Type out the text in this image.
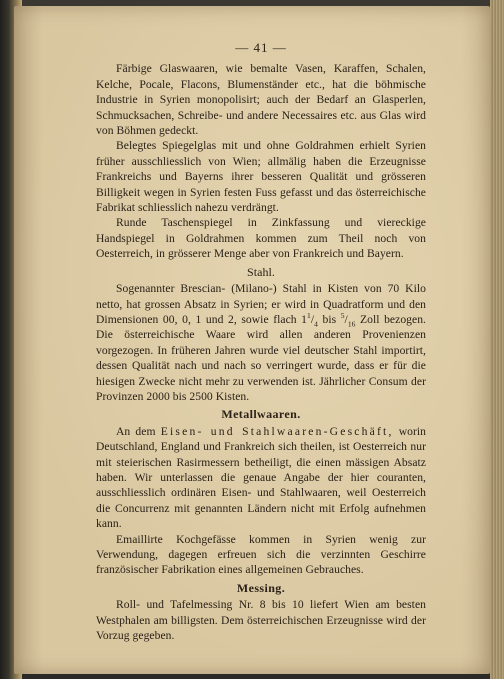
— 41 —

Färbige Glaswaaren, wie bemalte Vasen, Karaffen, Schalen, Kelche, Pocale, Flacons, Blumenständer etc., hat die böhmische Industrie in Syrien monopolisirt; auch der Bedarf an Glasperlen, Schmucksachen, Schreibe- und andere Necessaires etc. aus Glas wird von Böhmen gedeckt.

Belegtes Spiegelglas mit und ohne Goldrahmen erhielt Syrien früher ausschliesslich von Wien; allmälig haben die Erzeugnisse Frankreichs und Bayerns ihrer besseren Qualität und grösseren Billigkeit wegen in Syrien festen Fuss gefasst und das österreichische Fabrikat schliesslich nahezu verdrängt.

Runde Taschenspiegel in Zinkfassung und viereckige Handspiegel in Goldrahmen kommen zum Theil noch von Oesterreich, in grösserer Menge aber von Frankreich und Bayern.

Stahl.

Sogenannter Brescian- (Milano-) Stahl in Kisten von 70 Kilo netto, hat grossen Absatz in Syrien; er wird in Quadratform und den Dimensionen 00, 0, 1 und 2, sowie flach $1^1/_4$ bis $^5/_{16}$ Zoll bezogen. Die österreichische Waare wird allen anderen Provenienzen vorgezogen. In früheren Jahren wurde viel deutscher Stahl importirt, dessen Qualität nach und nach so verringert wurde, dass er für die hiesigen Zwecke nicht mehr zu verwenden ist. Jährlicher Consum der Provinzen 2000 bis 2500 Kisten.

Metallwaaren.

An dem Eisen- und Stahlwaaren-Geschäft, worin Deutschland, England und Frankreich sich theilen, ist Oesterreich nur mit steierischen Rasirmessern betheiligt, die einen mässigen Absatz haben. Wir unterlassen die genaue Angabe der hier couranten, ausschliesslich ordinären Eisen- und Stahlwaaren, weil Oesterreich die Concurrenz mit genannten Ländern nicht mit Erfolg aufnehmen kann.

Emaillirte Kochgefässe kommen in Syrien wenig zur Verwendung, dagegen erfreuen sich die verzinnten Geschirre französischer Fabrikation eines allgemeinen Gebrauches.

Messing.

Roll- und Tafelmessing Nr. 8 bis 10 liefert Wien am besten Westphalen am billigsten. Dem österreichischen Erzeugnisse wird der Vorzug gegeben.
